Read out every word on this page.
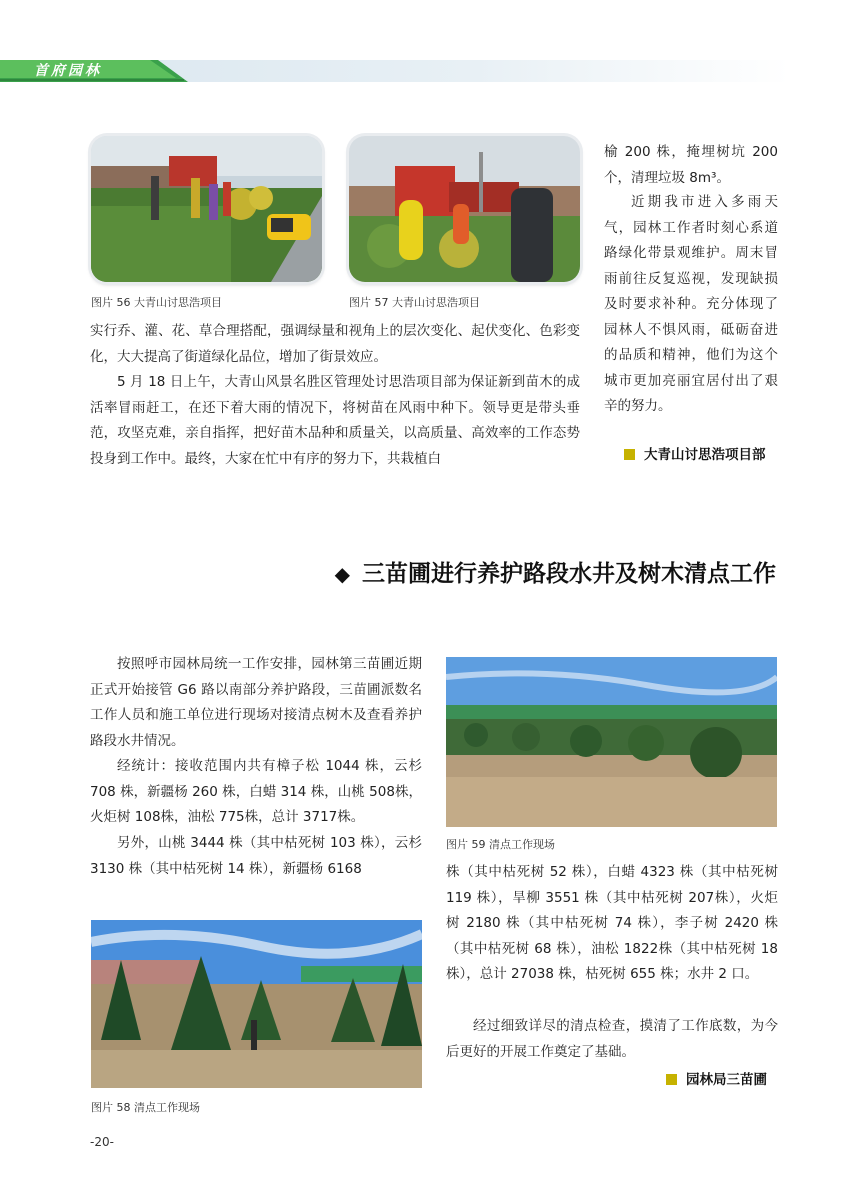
首府园林
图片 56 大青山讨思浩项目	图片 57 大青山讨思浩项目

实行乔、灌、花、草合理搭配，强调绿量和视角上的层次变化、起伏变化、色彩变化，大大提高了街道绿化品位，增加了街景效应。

5 月 18 日上午，大青山风景名胜区管理处讨思浩项目部为保证新到苗木的成活率冒雨赶工，在还下着大雨的情况下，将树苗在风雨中种下。领导更是带头垂范，攻坚克难，亲自指挥，把好苗木品种和质量关，以高质量、高效率的工作态势投身到工作中。最终，大家在忙中有序的努力下，共栽植白

榆 200 株，掩埋树坑 200 个，清理垃圾 8m³。

近期我市进入多雨天气，园林工作者时刻心系道路绿化带景观维护。周末冒雨前往反复巡视，发现缺损及时要求补种。充分体现了园林人不惧风雨，砥砺奋进的品质和精神，他们为这个城市更加亮丽宜居付出了艰辛的努力。

大青山讨思浩项目部
◆ 三苗圃进行养护路段水井及树木清点工作

按照呼市园林局统一工作安排，园林第三苗圃近期正式开始接管 G6 路以南部分养护路段，三苗圃派数名工作人员和施工单位进行现场对接清点树木及查看养护路段水井情况。

经统计：接收范围内共有樟子松 1044 株，云杉 708 株，新疆杨 260 株，白蜡 314 株，山桃 508株，火炬树 108株，油松 775株，总计 3717株。

另外，山桃 3444 株（其中枯死树 103 株），云杉 3130 株（其中枯死树 14 株），新疆杨 6168

图片 59 清点工作现场

株（其中枯死树 52 株），白蜡 4323 株（其中枯死树 119 株），旱柳 3551 株（其中枯死树 207株），火炬树 2180 株（其中枯死树 74 株），李子树 2420 株（其中枯死树 68 株），油松 1822株（其中枯死树 18 株），总计 27038 株，枯死树 655 株；水井 2 口。

经过细致详尽的清点检查，摸清了工作底数，为今后更好的开展工作奠定了基础。

园林局三苗圃
图片 58 清点工作现场
-20-
